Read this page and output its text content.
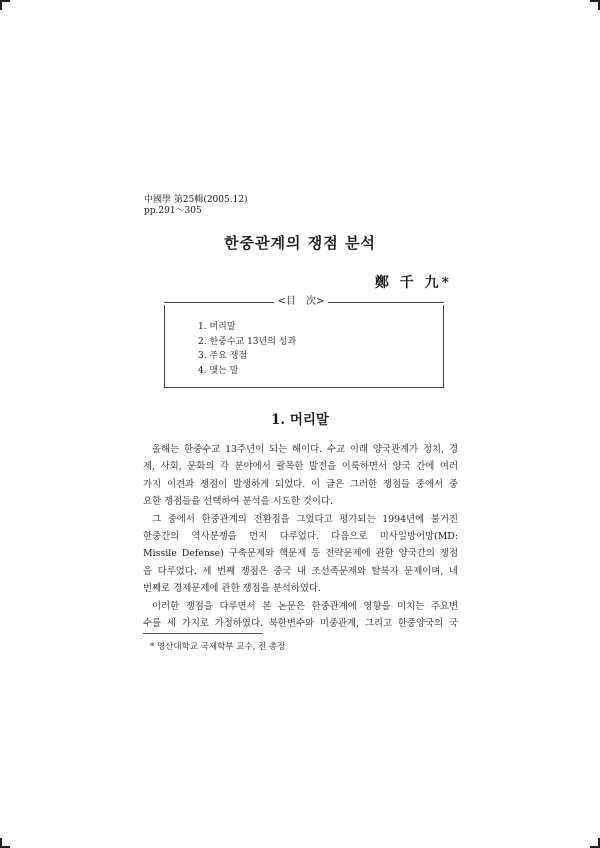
中國學 第25輯(2005.12)
pp.291～305
한중관계의 쟁점 분석
鄭 千 九*
<目　次>
1. 머리말
2. 한중수교 13년의 성과
3. 주요 쟁점
4. 맺는 말
1. 머리말
올해는 한중수교 13주년이 되는 해이다. 수교 이래 양국관계가 정치, 경
제, 사회, 문화의 각 분야에서 괄목한 발전을 이룩하면서 양국 간에 여러
가지 이견과 쟁점이 발생하게 되었다. 이 글은 그러한 쟁점들 중에서 중
요한 쟁점들을 선택하여 분석을 시도한 것이다.
그 중에서 한중관계의 전환점을 그었다고 평가되는 1994년에 불거진
한중간의 역사분쟁을 먼저 다루었다. 다음으로 미사일방어망(MD:
Missile Defense) 구축문제와 핵문제 등 전략문제에 관한 양국간의 쟁점
을 다루었다. 세 번째 쟁점은 중국 내 조선족문제와 탈북자 문제이며, 네
번째로 경제문제에 관한 쟁점을 분석하였다.
이러한 쟁점을 다루면서 본 논문은 한중관계에 영향을 미치는 주요변
수를 세 가지로 가정하였다. 북한변수와 미중관계, 그리고 한중양국의 국
* 영산대학교 국제학부 교수, 전 총장
